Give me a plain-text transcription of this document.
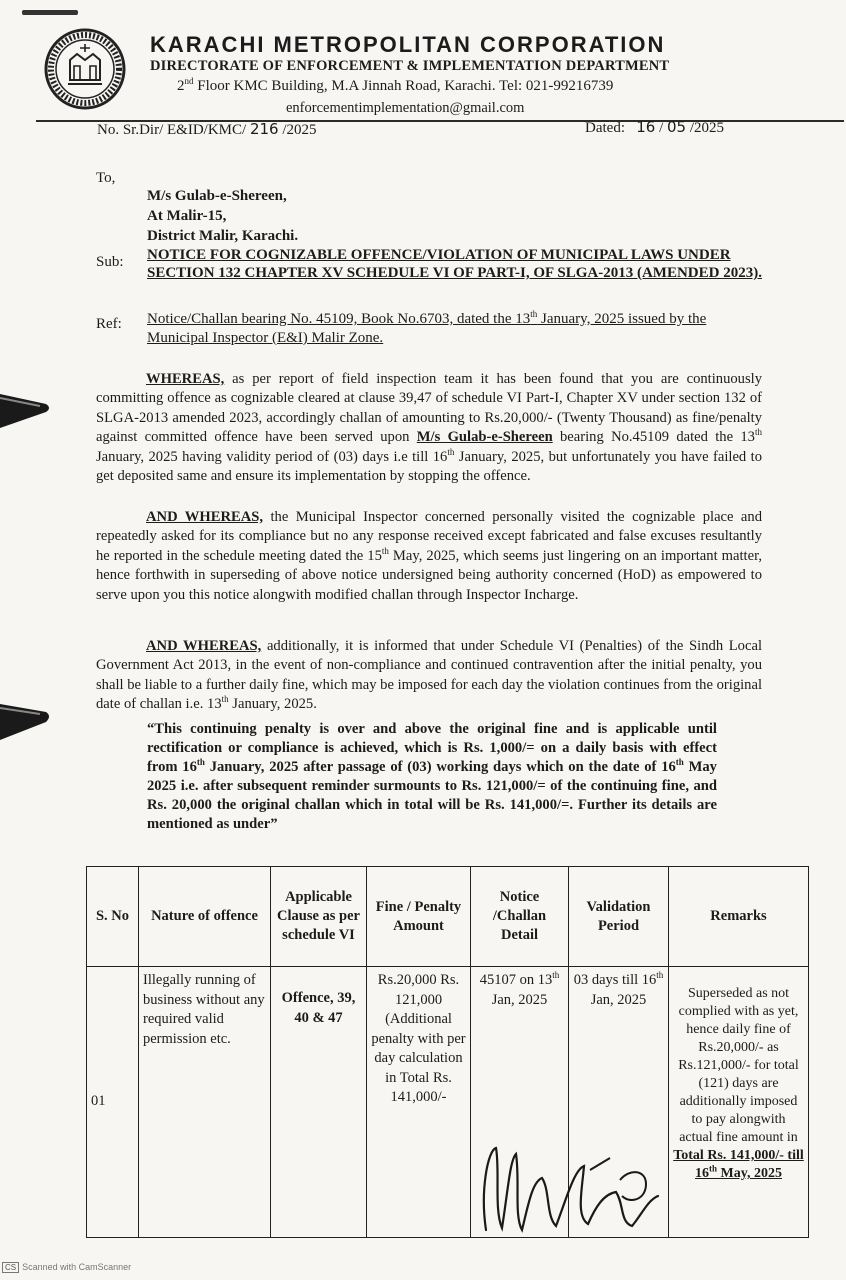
KARACHI METROPOLITAN CORPORATION
DIRECTORATE OF ENFORCEMENT & IMPLEMENTATION DEPARTMENT
2nd Floor KMC Building, M.A Jinnah Road, Karachi. Tel: 021-99216739
enforcementimplementation@gmail.com
No. Sr.Dir/ E&ID/KMC/ 216 /2025	Dated: 16 / 05 /2025
To,
M/s Gulab-e-Shereen,
At Malir-15,
District Malir, Karachi.
Sub: NOTICE FOR COGNIZABLE OFFENCE/VIOLATION OF MUNICIPAL LAWS UNDER SECTION 132 CHAPTER XV SCHEDULE VI OF PART-I, OF SLGA-2013 (AMENDED 2023).
Ref: Notice/Challan bearing No. 45109, Book No.6703, dated the 13th January, 2025 issued by the Municipal Inspector (E&I) Malir Zone.
WHEREAS, as per report of field inspection team it has been found that you are continuously committing offence as cognizable cleared at clause 39,47 of schedule VI Part-I, Chapter XV under section 132 of SLGA-2013 amended 2023, accordingly challan of amounting to Rs.20,000/- (Twenty Thousand) as fine/penalty against committed offence have been served upon M/s Gulab-e-Shereen bearing No.45109 dated the 13th January, 2025 having validity period of (03) days i.e till 16th January, 2025, but unfortunately you have failed to get deposited same and ensure its implementation by stopping the offence.
AND WHEREAS, the Municipal Inspector concerned personally visited the cognizable place and repeatedly asked for its compliance but no any response received except fabricated and false excuses resultantly he reported in the schedule meeting dated the 15th May, 2025, which seems just lingering on an important matter, hence forthwith in superseding of above notice undersigned being authority concerned (HoD) as empowered to serve upon you this notice alongwith modified challan through Inspector Incharge.
AND WHEREAS, additionally, it is informed that under Schedule VI (Penalties) of the Sindh Local Government Act 2013, in the event of non-compliance and continued contravention after the initial penalty, you shall be liable to a further daily fine, which may be imposed for each day the violation continues from the original date of challan i.e. 13th January, 2025.
“This continuing penalty is over and above the original fine and is applicable until rectification or compliance is achieved, which is Rs. 1,000/= on a daily basis with effect from 16th January, 2025 after passage of (03) working days which on the date of 16th May 2025 i.e. after subsequent reminder surmounts to Rs. 121,000/= of the continuing fine, and Rs. 20,000 the original challan which in total will be Rs. 141,000/=. Further its details are mentioned as under”
S. No	Nature of offence	Applicable Clause as per schedule VI	Fine / Penalty Amount	Notice /Challan Detail	Validation Period	Remarks
01	Illegally running of business without any required valid permission etc.	Offence, 39, 40 & 47	Rs.20,000 Rs. 121,000 (Additional penalty with per day calculation in Total Rs. 141,000/-	45107 on 13th Jan, 2025	03 days till 16th Jan, 2025	Superseded as not complied with as yet, hence daily fine of Rs.20,000/- as Rs.121,000/- for total (121) days are additionally imposed to pay alongwith actual fine amount in
Total Rs. 141,000/- till 16th May, 2025
CS Scanned with CamScanner
